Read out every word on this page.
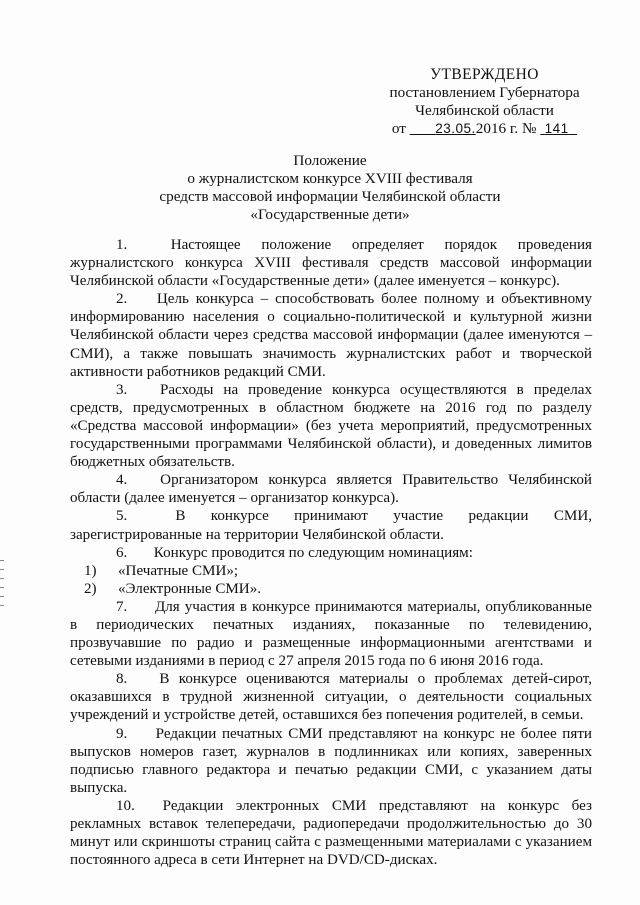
УТВЕРЖДЕНО
постановлением Губернатора
Челябинской области
от 23.05.2016 г. № 141
Положение
о журналистском конкурсе XVIII фестиваля
средств массовой информации Челябинской области
«Государственные дети»

1.	Настоящее положение определяет порядок проведения журналистского конкурса XVIII фестиваля средств массовой информации Челябинской области «Государственные дети» (далее именуется – конкурс).

2. Цель конкурса – способствовать более полному и объективному информированию населения о социально-политической и культурной жизни Челябинской области через средства массовой информации (далее именуются – СМИ), а также повышать значимость журналистских работ и творческой активности работников редакций СМИ.

3. Расходы на проведение конкурса осуществляются в пределах средств, предусмотренных в областном бюджете на 2016 год по разделу «Средства массовой информации» (без учета мероприятий, предусмотренных государственными программами Челябинской области), и доведенных лимитов бюджетных обязательств.

4. Организатором конкурса является Правительство Челябинской области (далее именуется – организатор конкурса).

5.	В конкурсе принимают участие редакции СМИ, зарегистрированные на территории Челябинской области.

6. Конкурс проводится по следующим номинациям:

1) «Печатные СМИ»;

2) «Электронные СМИ».

7. Для участия в конкурсе принимаются материалы, опубликованные в периодических печатных изданиях, показанные по телевидению, прозвучавшие по радио и размещенные информационными агентствами и сетевыми изданиями в период с 27 апреля 2015 года по 6 июня 2016 года.

8. В конкурсе оцениваются материалы о проблемах детей-сирот, оказавшихся в трудной жизненной ситуации, о деятельности социальных учреждений и устройстве детей, оставшихся без попечения родителей, в семьи.

9. Редакции печатных СМИ представляют на конкурс не более пяти выпусков номеров газет, журналов в подлинниках или копиях, заверенных подписью главного редактора и печатью редакции СМИ, с указанием даты выпуска.

10. Редакции электронных СМИ представляют на конкурс без рекламных вставок телепередачи, радиопередачи продолжительностью до 30 минут или скриншоты страниц сайта с размещенными материалами с указанием постоянного адреса в сети Интернет на DVD/CD-дисках.
